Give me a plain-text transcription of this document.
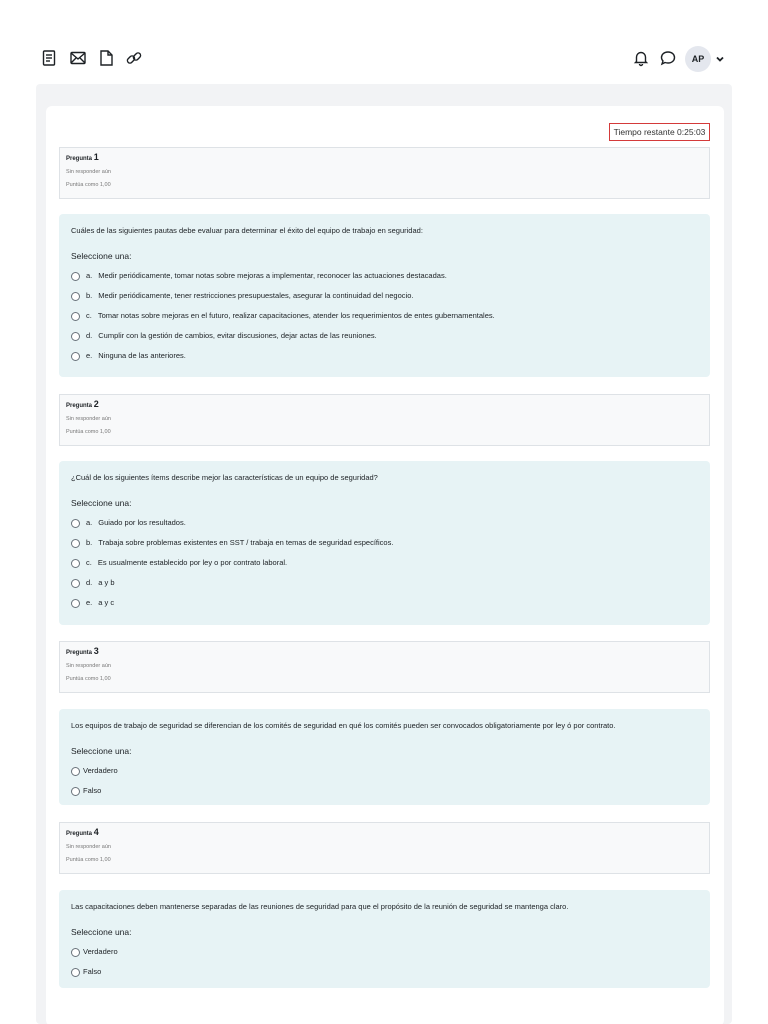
AP
Tiempo restante 0:25:03
Pregunta 1
Sin responder aún
Puntúa como 1,00
Cuáles de las siguientes pautas debe evaluar para determinar el éxito del equipo de trabajo en seguridad:
Seleccione una:
a. Medir periódicamente, tomar notas sobre mejoras a implementar, reconocer las actuaciones destacadas.
b. Medir periódicamente, tener restricciones presupuestales, asegurar la continuidad del negocio.
c. Tomar notas sobre mejoras en el futuro, realizar capacitaciones, atender los requerimientos de entes gubernamentales.
d. Cumplir con la gestión de cambios, evitar discusiones, dejar actas de las reuniones.
e. Ninguna de las anteriores.
Pregunta 2
Sin responder aún
Puntúa como 1,00
¿Cuál de los siguientes ítems describe mejor las características de un equipo de seguridad?
Seleccione una:
a. Guiado por los resultados.
b. Trabaja sobre problemas existentes en SST / trabaja en temas de seguridad específicos.
c. Es usualmente establecido por ley o por contrato laboral.
d. a y b
e. a y c
Pregunta 3
Sin responder aún
Puntúa como 1,00
Los equipos de trabajo de seguridad se diferencian de los comités de seguridad en qué los comités pueden ser convocados obligatoriamente por ley ó por contrato.
Seleccione una:
Verdadero
Falso
Pregunta 4
Sin responder aún
Puntúa como 1,00
Las capacitaciones deben mantenerse separadas de las reuniones de seguridad para que el propósito de la reunión de seguridad se mantenga claro.
Seleccione una:
Verdadero
Falso
